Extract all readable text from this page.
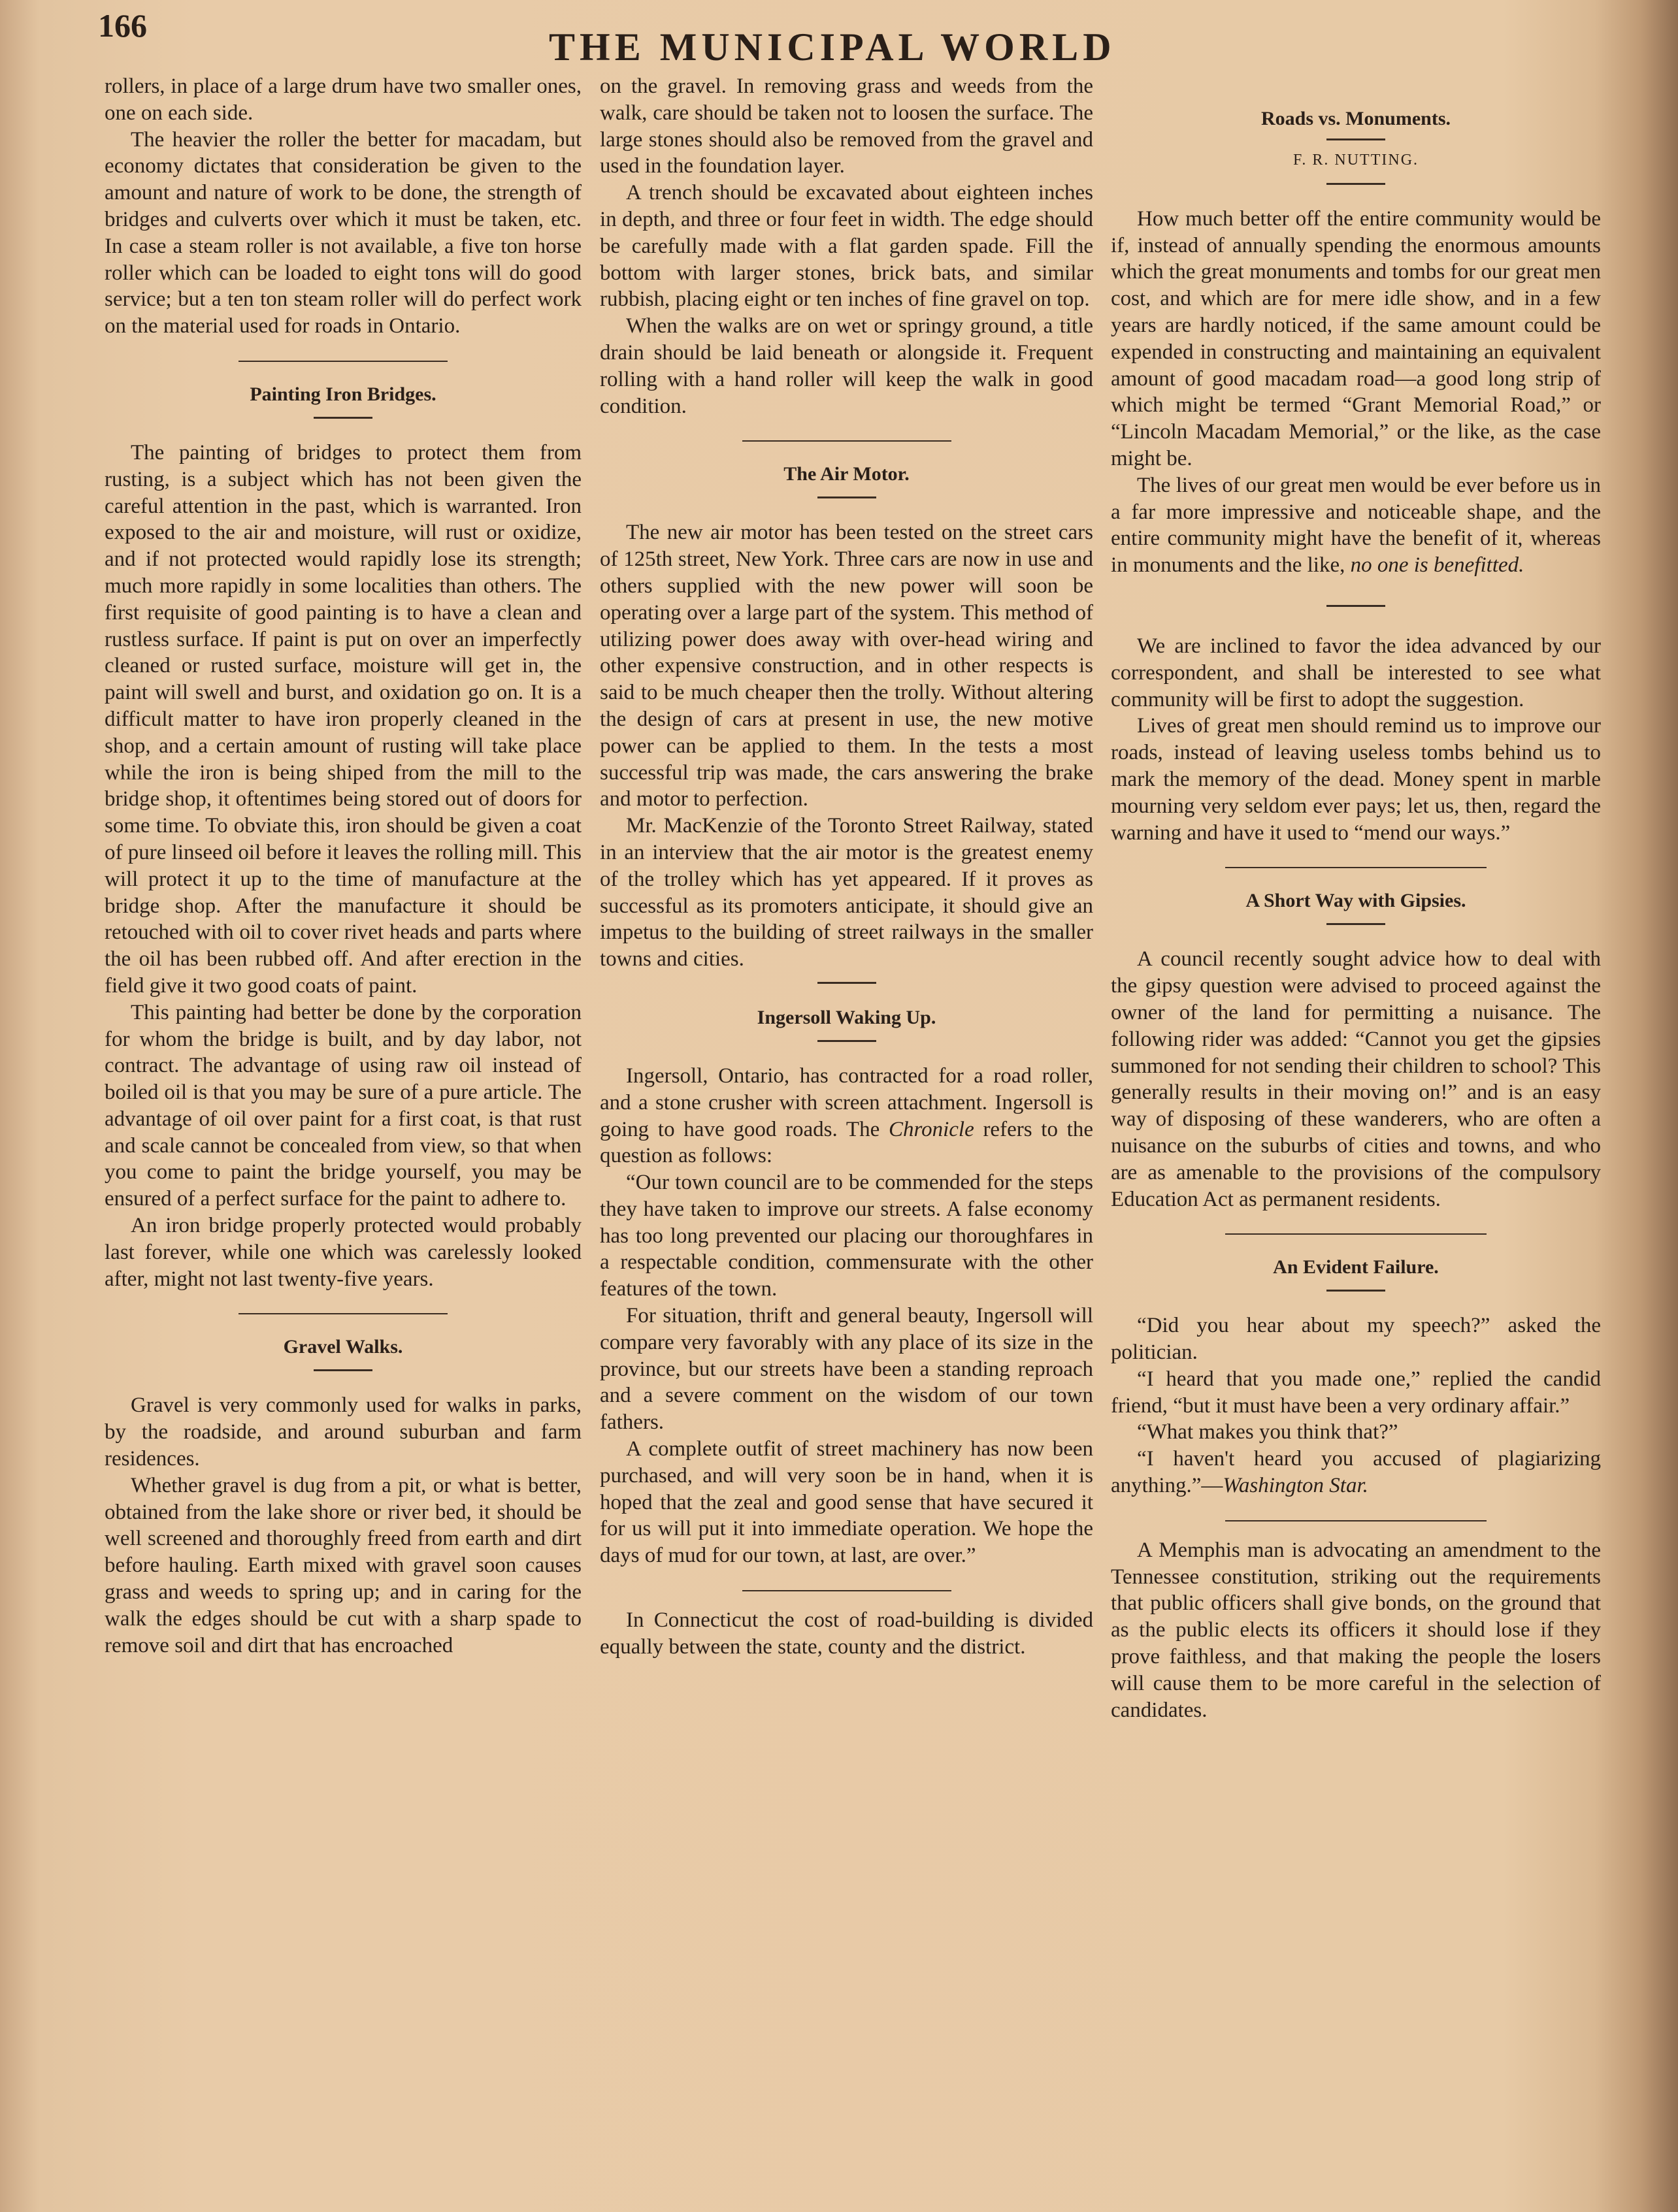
166	THE MUNICIPAL WORLD

rollers, in place of a large drum have two smaller ones, one on each side.

The heavier the roller the better for macadam, but economy dictates that consideration be given to the amount and nature of work to be done, the strength of bridges and culverts over which it must be taken, etc. In case a steam roller is not available, a five ton horse roller which can be loaded to eight tons will do good service; but a ten ton steam roller will do perfect work on the material used for roads in Ontario.

Painting Iron Bridges.

The painting of bridges to protect them from rusting, is a subject which has not been given the careful attention in the past, which is warranted. Iron exposed to the air and moisture, will rust or oxidize, and if not protected would rapidly lose its strength; much more rapidly in some localities than others. The first requisite of good painting is to have a clean and rustless surface. If paint is put on over an imperfectly cleaned or rusted surface, moisture will get in, the paint will swell and burst, and oxidation go on. It is a difficult matter to have iron properly cleaned in the shop, and a certain amount of rusting will take place while the iron is being shiped from the mill to the bridge shop, it oftentimes being stored out of doors for some time. To obviate this, iron should be given a coat of pure linseed oil before it leaves the rolling mill. This will protect it up to the time of manufacture at the bridge shop. After the manufacture it should be retouched with oil to cover rivet heads and parts where the oil has been rubbed off. And after erection in the field give it two good coats of paint.

This painting had better be done by the corporation for whom the bridge is built, and by day labor, not contract. The advantage of using raw oil instead of boiled oil is that you may be sure of a pure article. The advantage of oil over paint for a first coat, is that rust and scale cannot be concealed from view, so that when you come to paint the bridge yourself, you may be ensured of a perfect surface for the paint to adhere to.

An iron bridge properly protected would probably last forever, while one which was carelessly looked after, might not last twenty-five years.

Gravel Walks.

Gravel is very commonly used for walks in parks, by the roadside, and around suburban and farm residences.

Whether gravel is dug from a pit, or what is better, obtained from the lake shore or river bed, it should be well screened and thoroughly freed from earth and dirt before hauling. Earth mixed with gravel soon causes grass and weeds to spring up; and in caring for the walk the edges should be cut with a sharp spade to remove soil and dirt that has encroached

on the gravel. In removing grass and weeds from the walk, care should be taken not to loosen the surface. The large stones should also be removed from the gravel and used in the foundation layer.

A trench should be excavated about eighteen inches in depth, and three or four feet in width. The edge should be carefully made with a flat garden spade. Fill the bottom with larger stones, brick bats, and similar rubbish, placing eight or ten inches of fine gravel on top.

When the walks are on wet or springy ground, a title drain should be laid beneath or alongside it. Frequent rolling with a hand roller will keep the walk in good condition.

The Air Motor.

The new air motor has been tested on the street cars of 125th street, New York. Three cars are now in use and others supplied with the new power will soon be operating over a large part of the system. This method of utilizing power does away with over-head wiring and other expensive construction, and in other respects is said to be much cheaper then the trolly. Without altering the design of cars at present in use, the new motive power can be applied to them. In the tests a most successful trip was made, the cars answering the brake and motor to perfection.

Mr. MacKenzie of the Toronto Street Railway, stated in an interview that the air motor is the greatest enemy of the trolley which has yet appeared. If it proves as successful as its promoters anticipate, it should give an impetus to the building of street railways in the smaller towns and cities.

Ingersoll Waking Up.

Ingersoll, Ontario, has contracted for a road roller, and a stone crusher with screen attachment. Ingersoll is going to have good roads. The Chronicle refers to the question as follows:

“Our town council are to be commended for the steps they have taken to improve our streets. A false economy has too long prevented our placing our thoroughfares in a respectable condition, commensurate with the other features of the town.

For situation, thrift and general beauty, Ingersoll will compare very favorably with any place of its size in the province, but our streets have been a standing reproach and a severe comment on the wisdom of our town fathers.

A complete outfit of street machinery has now been purchased, and will very soon be in hand, when it is hoped that the zeal and good sense that have secured it for us will put it into immediate operation. We hope the days of mud for our town, at last, are over.”

In Connecticut the cost of road-building is divided equally between the state, county and the district.

Roads vs. Monuments.
F. R. NUTTING.

How much better off the entire community would be if, instead of annually spending the enormous amounts which the great monuments and tombs for our great men cost, and which are for mere idle show, and in a few years are hardly noticed, if the same amount could be expended in constructing and maintaining an equivalent amount of good macadam road—a good long strip of which might be termed “Grant Memorial Road,” or “Lincoln Macadam Memorial,” or the like, as the case might be.

The lives of our great men would be ever before us in a far more impressive and noticeable shape, and the entire community might have the benefit of it, whereas in monuments and the like, no one is benefitted.

We are inclined to favor the idea advanced by our correspondent, and shall be interested to see what community will be first to adopt the suggestion.

Lives of great men should remind us to improve our roads, instead of leaving useless tombs behind us to mark the memory of the dead. Money spent in marble mourning very seldom ever pays; let us, then, regard the warning and have it used to “mend our ways.”

A Short Way with Gipsies.

A council recently sought advice how to deal with the gipsy question were advised to proceed against the owner of the land for permitting a nuisance. The following rider was added: “Cannot you get the gipsies summoned for not sending their children to school? This generally results in their moving on!” and is an easy way of disposing of these wanderers, who are often a nuisance on the suburbs of cities and towns, and who are as amenable to the provisions of the compulsory Education Act as permanent residents.

An Evident Failure.

“Did you hear about my speech?” asked the politician.

“I heard that you made one,” replied the candid friend, “but it must have been a very ordinary affair.”

“What makes you think that?”

“I haven't heard you accused of plagiarizing anything.”—Washington Star.

A Memphis man is advocating an amendment to the Tennessee constitution, striking out the requirements that public officers shall give bonds, on the ground that as the public elects its officers it should lose if they prove faithless, and that making the people the losers will cause them to be more careful in the selection of candidates.
